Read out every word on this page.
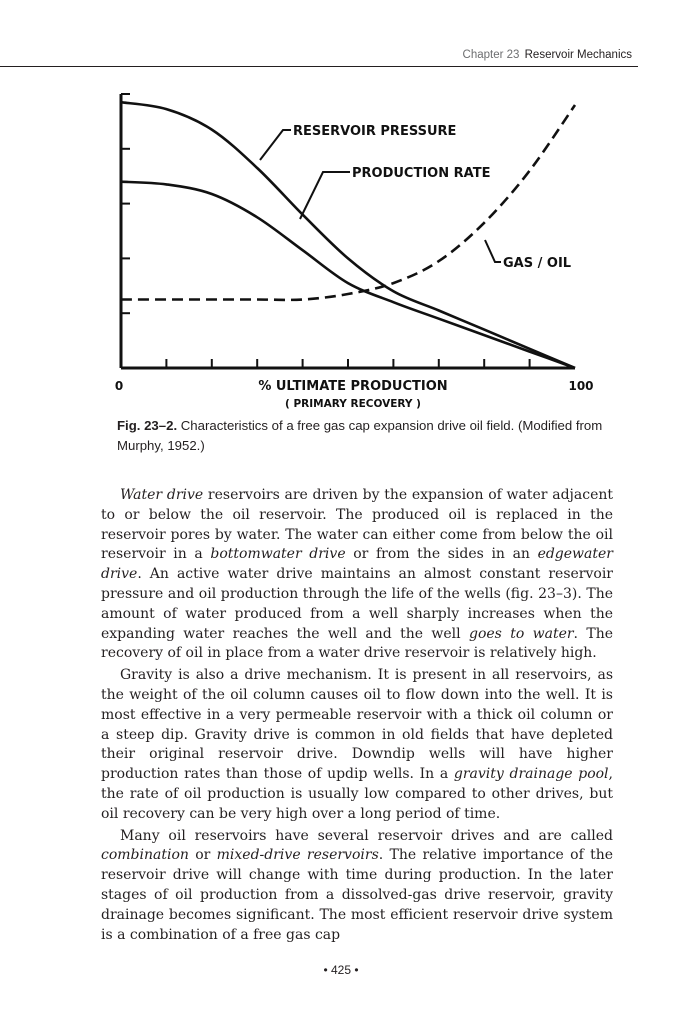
Chapter 23 Reservoir Mechanics
RESERVOIR PRESSURE
PRODUCTION RATE
GAS / OIL
0	100
% ULTIMATE PRODUCTION
( PRIMARY RECOVERY )
Fig. 23–2. Characteristics of a free gas cap expansion drive oil field. (Modified from Murphy, 1952.)

Water drive reservoirs are driven by the expansion of water adjacent to or below the oil reservoir. The produced oil is replaced in the reservoir pores by water. The water can either come from below the oil reservoir in a bottomwater drive or from the sides in an edgewater drive. An active water drive maintains an almost constant reservoir pressure and oil production through the life of the wells (fig. 23–3). The amount of water produced from a well sharply increases when the expanding water reaches the well and the well goes to water. The recovery of oil in place from a water drive reservoir is relatively high.

Gravity is also a drive mechanism. It is present in all reservoirs, as the weight of the oil column causes oil to flow down into the well. It is most effective in a very permeable reservoir with a thick oil column or a steep dip. Gravity drive is common in old fields that have depleted their original reservoir drive. Downdip wells will have higher production rates than those of updip wells. In a gravity drainage pool, the rate of oil production is usually low compared to other drives, but oil recovery can be very high over a long period of time.

Many oil reservoirs have several reservoir drives and are called combination or mixed-drive reservoirs. The relative importance of the reservoir drive will change with time during production. In the later stages of oil production from a dissolved-gas drive reservoir, gravity drainage becomes significant. The most efficient reservoir drive system is a combination of a free gas cap

• 425 •
